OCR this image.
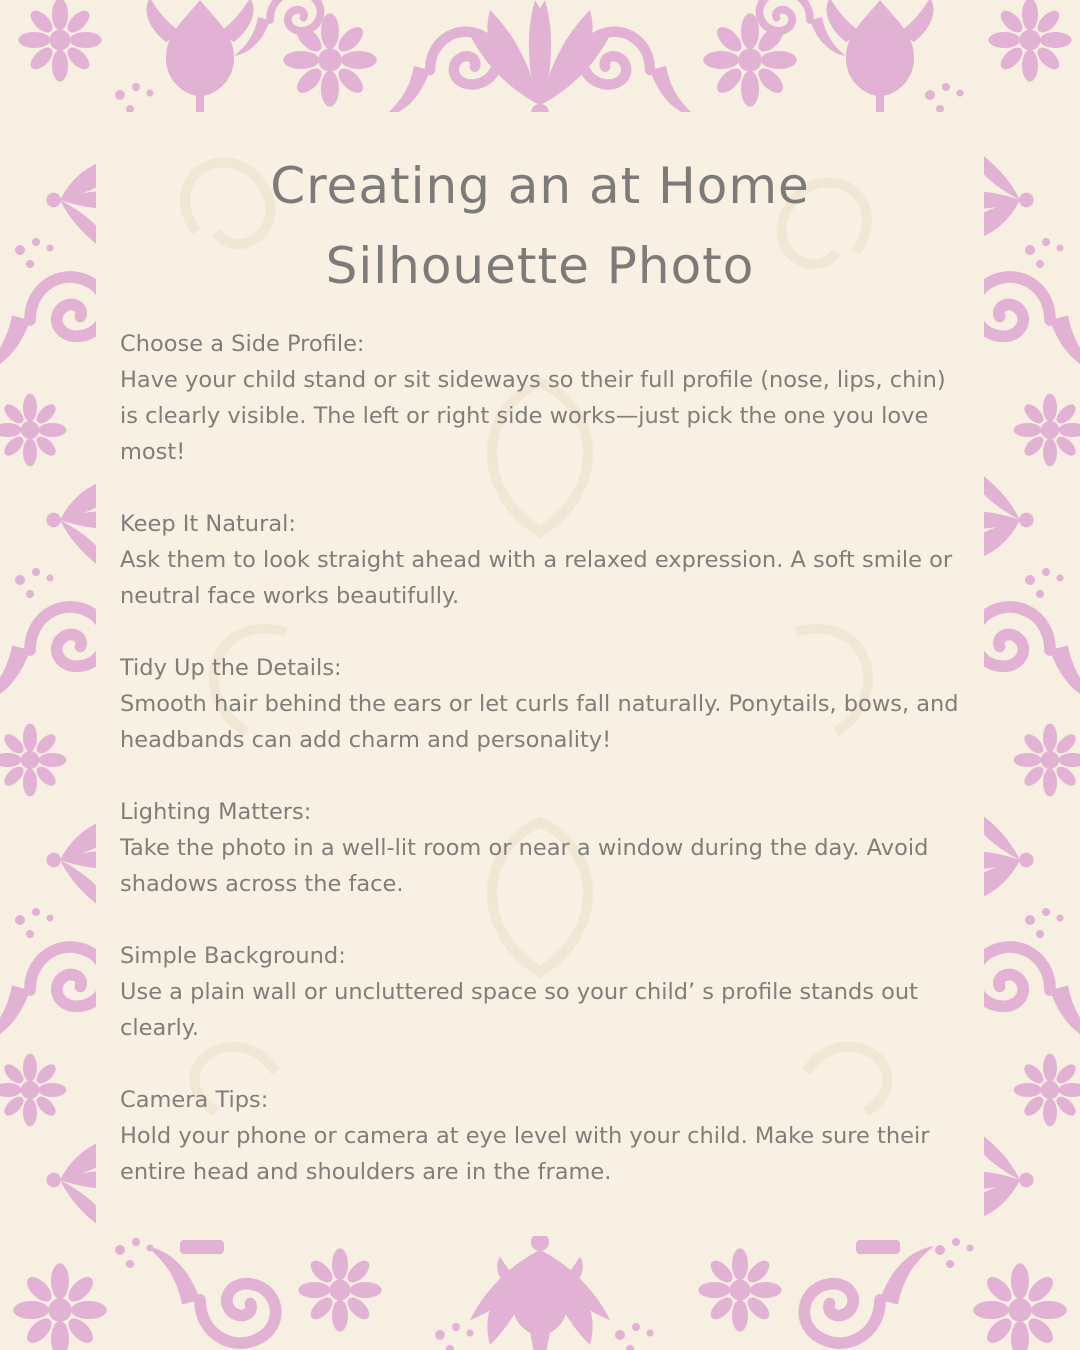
Creating an at Home
Silhouette Photo

Choose a Side Profile:

Have your child stand or sit sideways so their full profile (nose, lips, chin) is clearly visible. The left or right side works—just pick the one you love most!

Keep It Natural:

Ask them to look straight ahead with a relaxed expression. A soft smile or neutral face works beautifully.

Tidy Up the Details:

Smooth hair behind the ears or let curls fall naturally. Ponytails, bows, and headbands can add charm and personality!

Lighting Matters:

Take the photo in a well-lit room or near a window during the day. Avoid shadows across the face.

Simple Background:

Use a plain wall or uncluttered space so your child’ s profile stands out clearly.

Camera Tips:

Hold your phone or camera at eye level with your child. Make sure their entire head and shoulders are in the frame.
